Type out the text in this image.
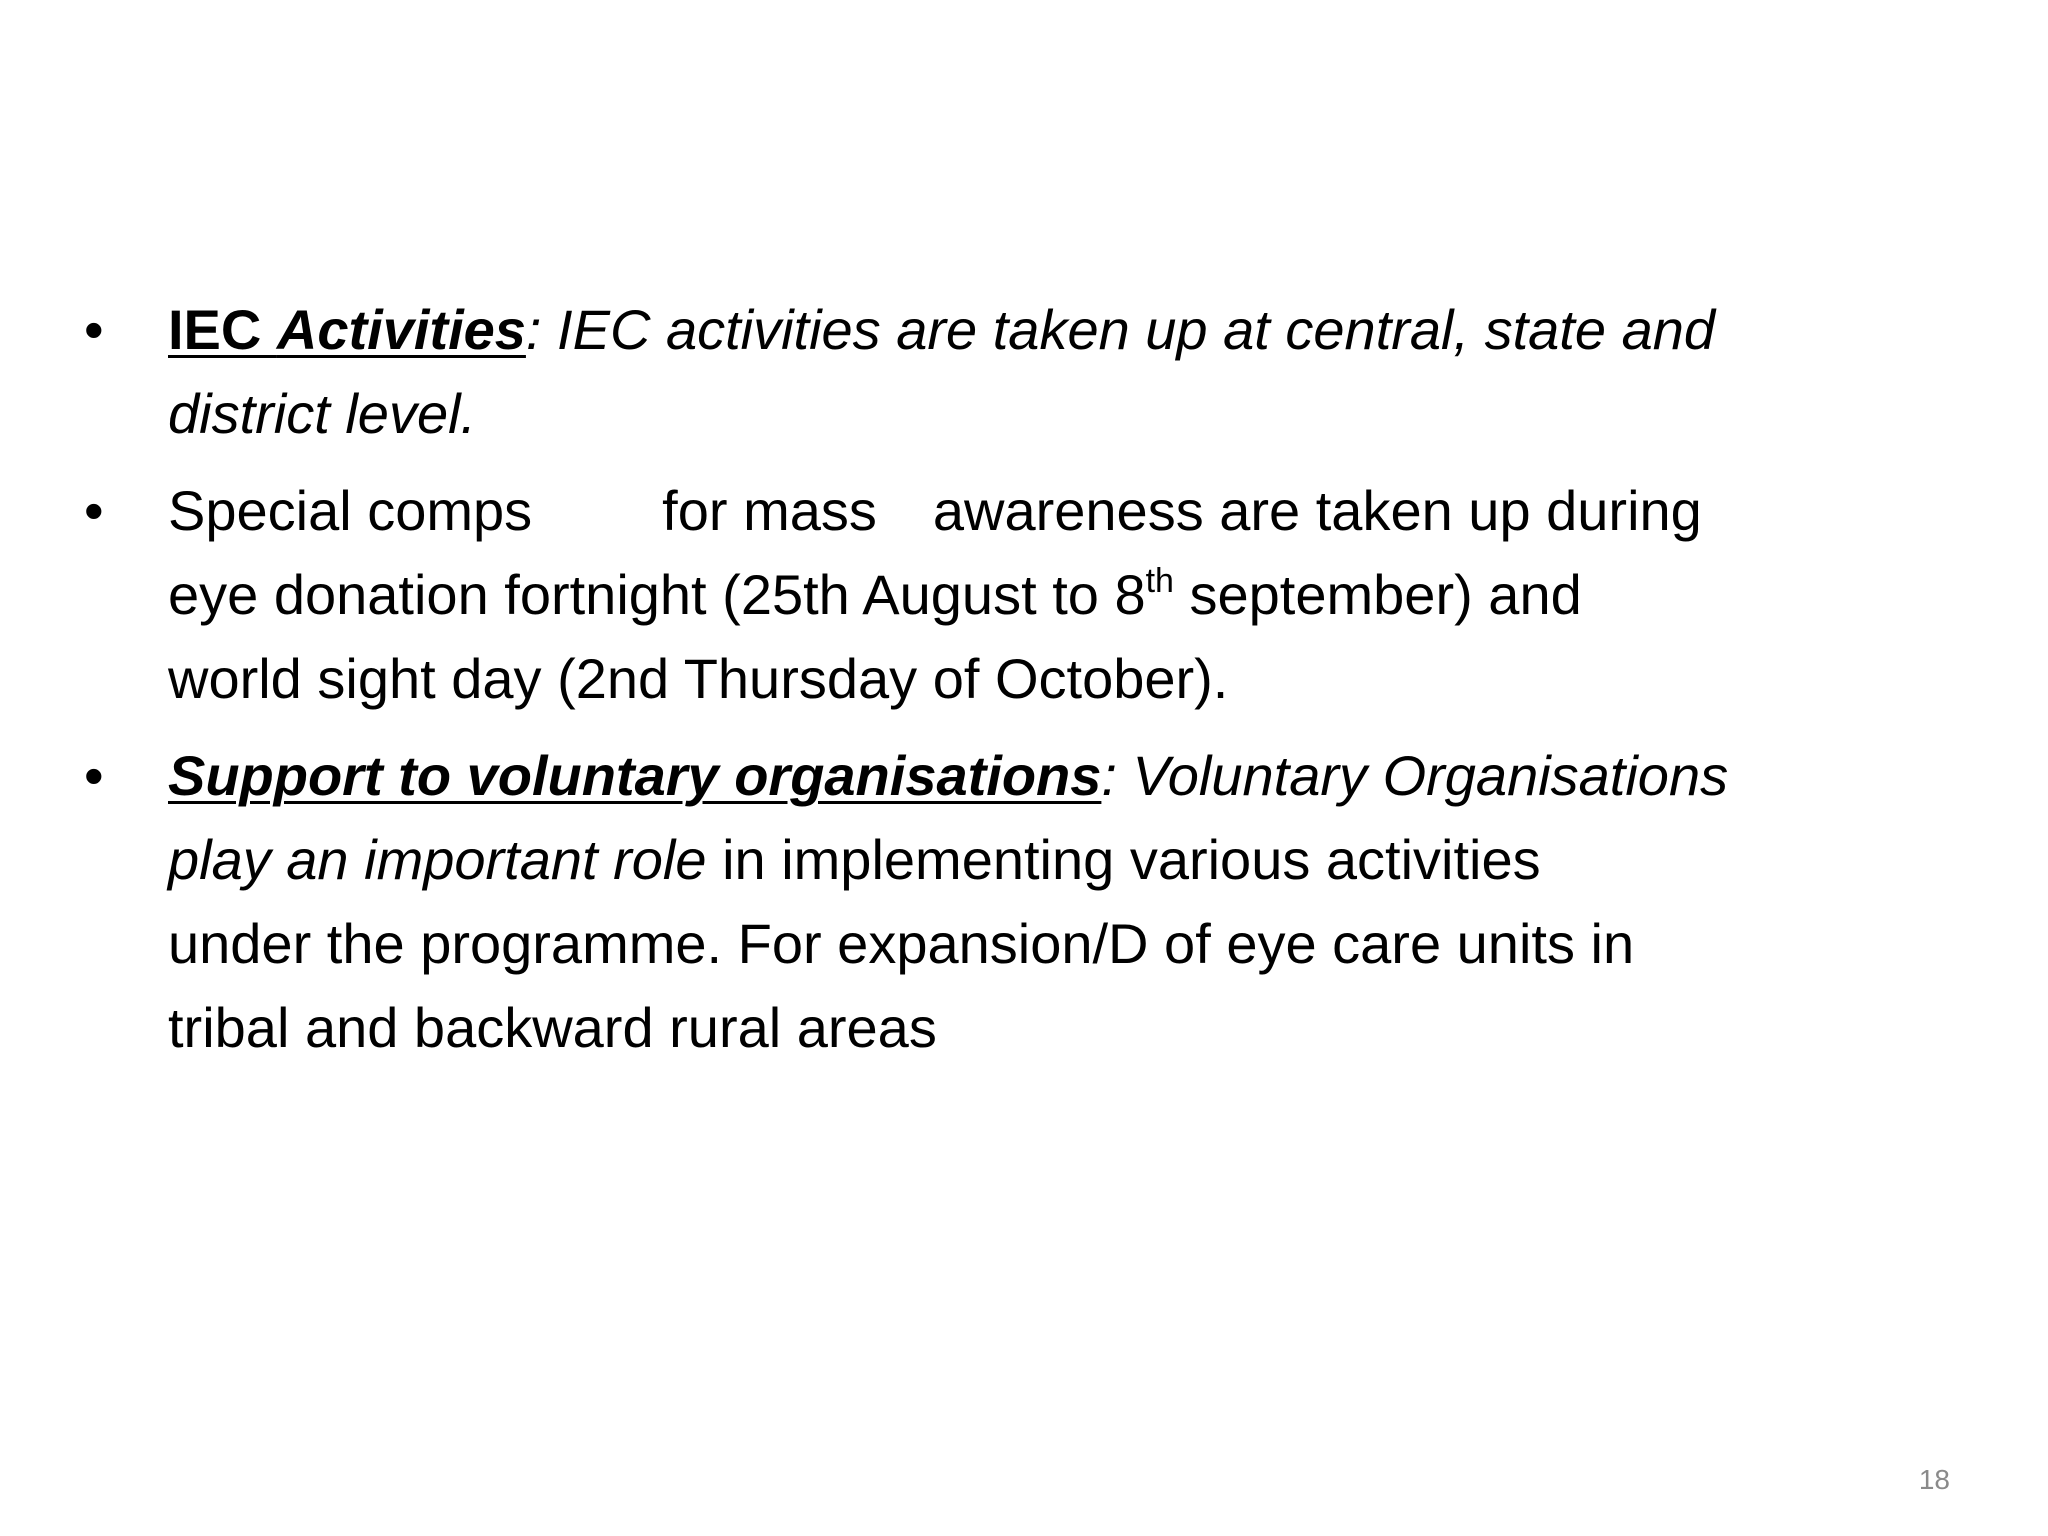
•	IEC Activities: IEC activities are taken up at central, state and
district level.
•	Special comps for mass awareness are taken up during
eye donation fortnight (25th August to 8th september) and
world sight day (2nd Thursday of October).
•	Support to voluntary organisations: Voluntary Organisations
play an important role in implementing various activities
under the programme. For expansion/D of eye care units in
tribal and backward rural areas
18
